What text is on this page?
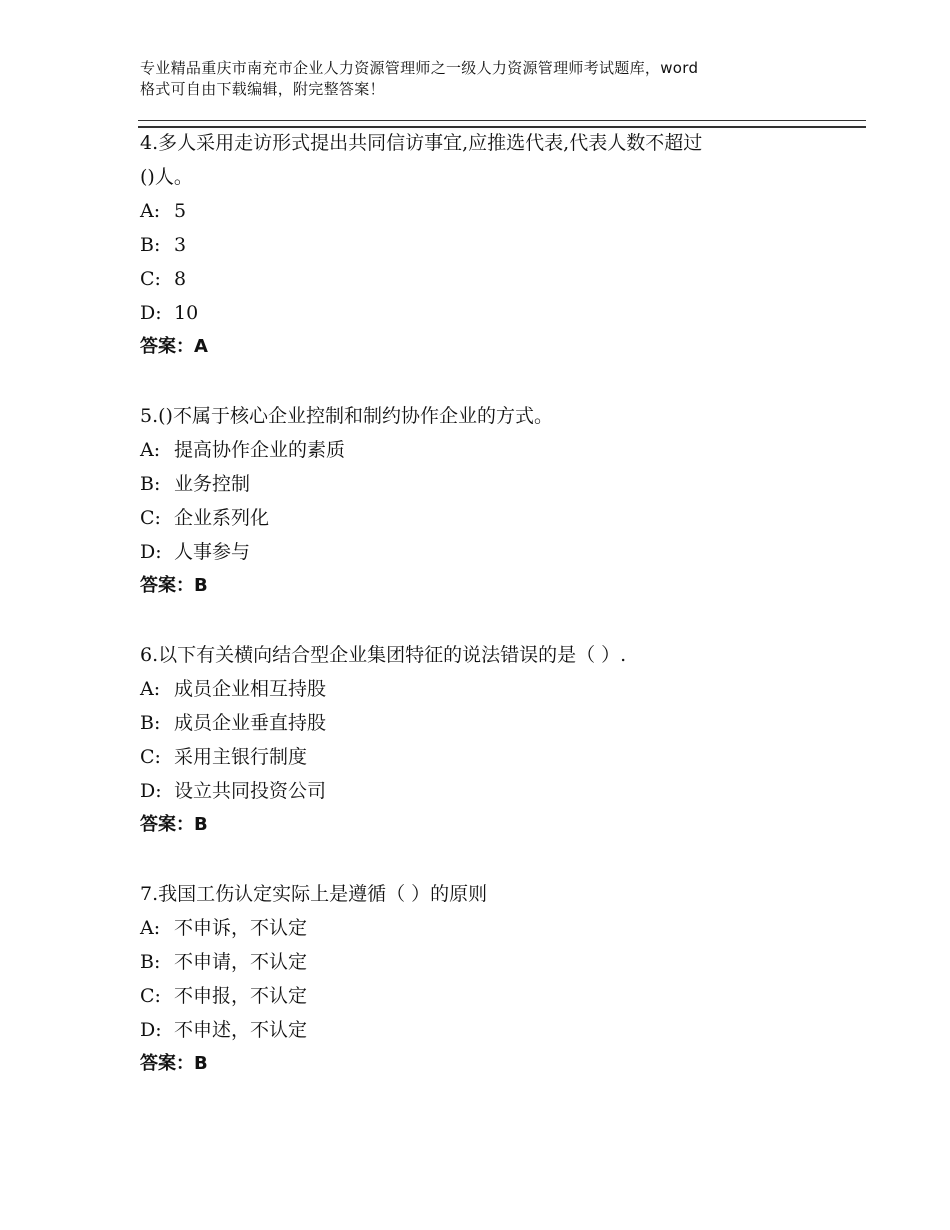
专业精品重庆市南充市企业人力资源管理师之一级人力资源管理师考试题库，word
格式可自由下载编辑，附完整答案！
4.多人采用走访形式提出共同信访事宜,应推选代表,代表人数不超过
()人。
A: 5
B: 3
C: 8
D: 10
答案：A
5.()不属于核心企业控制和制约协作企业的方式。
A: 提高协作企业的素质
B: 业务控制
C: 企业系列化
D: 人事参与
答案：B
6.以下有关横向结合型企业集团特征的说法错误的是（ ）.
A: 成员企业相互持股
B: 成员企业垂直持股
C: 采用主银行制度
D: 设立共同投资公司
答案：B
7.我国工伤认定实际上是遵循（ ）的原则
A: 不申诉，不认定
B: 不申请，不认定
C: 不申报，不认定
D: 不申述，不认定
答案：B
